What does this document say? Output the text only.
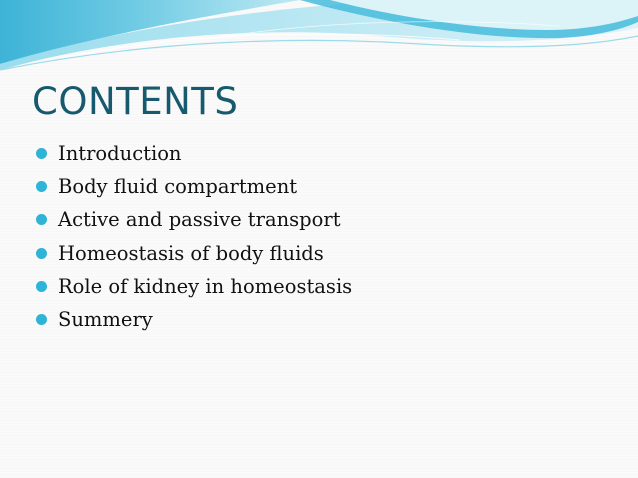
CONTENTS
Introduction
Body fluid compartment
Active and passive transport
Homeostasis of body fluids
Role of kidney in homeostasis
Summery
